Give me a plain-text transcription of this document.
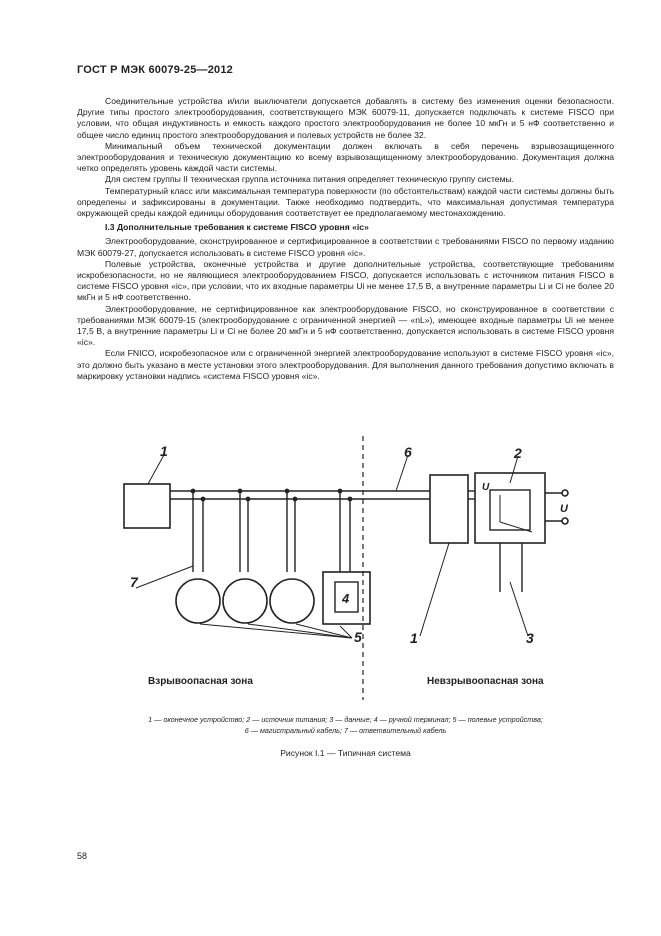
ГОСТ Р МЭК 60079-25—2012

Соединительные устройства и/или выключатели допускается добавлять в систему без изменения оценки безопасности. Другие типы простого электрооборудования, соответствующего МЭК 60079-11, допускается подключать к системе FISCO при условии, что общая индуктивность и емкость каждого простого электрооборудования не более 10 мкГн и 5 нФ соответственно и общее число единиц простого электрооборудования и полевых устройств не более 32.

Минимальный объем технической документации должен включать в себя перечень взрывозащищенного электрооборудования и техническую документацию ко всему взрывозащищенному электрооборудованию. Документация должна четко определять уровень каждой части системы.

Для систем группы II техническая группа источника питания определяет техническую группу системы.

Температурный класс или максимальная температура поверхности (по обстоятельствам) каждой части системы должны быть определены и зафиксированы в документации. Также необходимо подтвердить, что максимальная допустимая температура окружающей среды каждой единицы оборудования соответствует ее предполагаемому местонахождению.

I.3 Дополнительные требования к системе FISCO уровня «ic»

Электрооборудование, сконструированное и сертифицированное в соответствии с требованиями FISCO по первому изданию МЭК 60079-27, допускается использовать в системе FISCO уровня «ic».

Полевые устройства, оконечные устройства и другие дополнительные устройства, соответствующие требованиям искробезопасности, но не являющиеся электрооборудованием FISCO, допускается использовать с источником питания FISCO в системе FISCO уровня «ic», при условии, что их входные параметры Ui не менее 17,5 В, а внутренние параметры Li и Ci не более 20 мкГн и 5 нФ соответственно.

Электрооборудование, не сертифицированное как электрооборудование FISCO, но сконструированное в соответствии с требованиями МЭК 60079-15 (электрооборудование с ограниченной энергией — «nL»), имеющее входные параметры Ui не менее 17,5 В, а внутренние параметры Li и Ci не более 20 мкГн и 5 нФ соответственно, допускается использовать в системе FISCO уровня «ic».

Если FNICO, искробезопасное или с ограниченной энергией электрооборудование используют в системе FISCO уровня «ic», это должно быть указано в месте установки этого электрооборудования. Для выполнения данного требования допустимо включать в маркировку установки надпись «система FISCO уровня «ic».

1	6
4
7
5	1
U
2
U
3
Взрывоопасная зона	Невзрывоопасная зона
1 — оконечное устройство; 2 — источник питания; 3 — данные; 4 — ручной терминал; 5 — полевые устройства;
6 — магистральный кабель; 7 — ответвительный кабель
Рисунок I.1 — Типичная система
58
